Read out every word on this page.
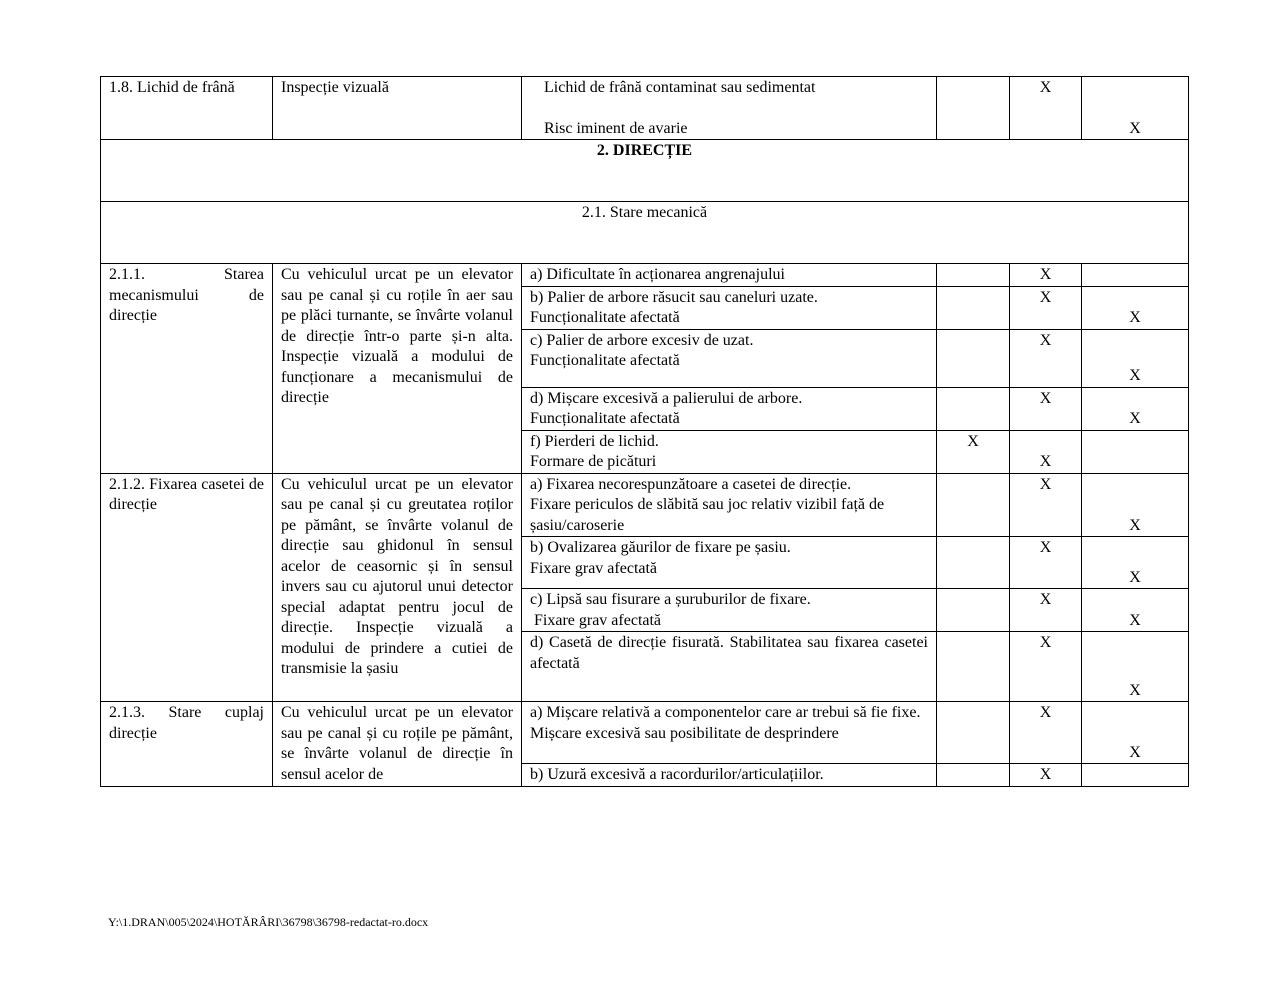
1.8. Lichid de frână	Inspecție vizuală	Lichid de frână contaminat sau sedimentat
Risc iminent de avarie		X	X

2. DIRECȚIE					
2.1. Stare mecanică					
2.1.1. Starea mecanismului de direcție	Cu vehiculul urcat pe un elevator sau pe canal și cu roțile în aer sau pe plăci turnante, se învârte volanul de direcție într-o parte și-n alta. Inspecție vizuală a modului de funcționare a mecanismului de direcție	a) Dificultate în acționarea angrenajului		X	

		b) Palier de arbore răsucit sau caneluri uzate.
Funcționalitate afectată		X	X

		c) Palier de arbore excesiv de uzat.
Funcționalitate afectată		X	X

		d) Mișcare excesivă a palierului de arbore.
Funcționalitate afectată		X	X

		f) Pierderi de lichid.
Formare de picături	X	X	

2.1.2. Fixarea casetei de direcție	Cu vehiculul urcat pe un elevator sau pe canal și cu greutatea roților pe pământ, se învârte volanul de direcție sau ghidonul în sensul acelor de ceasornic și în sensul invers sau cu ajutorul unui detector special adaptat pentru jocul de direcție. Inspecție vizuală a modului de prindere a cutiei de transmisie la șasiu	a) Fixarea necorespunzătoare a casetei de direcție.
Fixare periculos de slăbită sau joc relativ vizibil față de șasiu/caroserie		X	X

		b) Ovalizarea găurilor de fixare pe șasiu.
Fixare grav afectată		X	X

		c) Lipsă sau fisurare a șuruburilor de fixare.
Fixare grav afectată		X	X

		d) Casetă de direcție fisurată. Stabilitatea sau fixarea casetei afectată		X	X

2.1.3. Stare cuplaj direcție	Cu vehiculul urcat pe un elevator sau pe canal și cu roțile pe pământ, se învârte volanul de direcție în sensul acelor de	a) Mișcare relativă a componentelor care ar trebui să fie fixe.
Mișcare excesivă sau posibilitate de desprindere		X	X

		b) Uzură excesivă a racordurilor/articulațiilor.		X	

Y:\1.DRAN\005\2024\HOTĂRÂRI\36798\36798-redactat-ro.docx
